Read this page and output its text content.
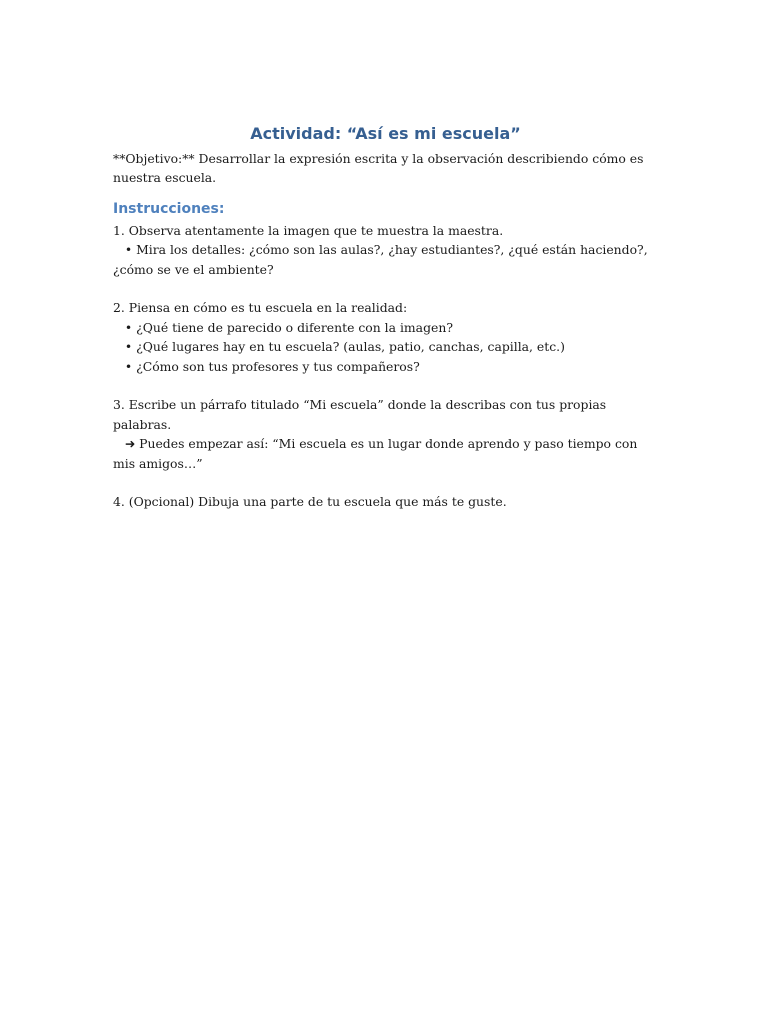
Actividad: “Así es mi escuela”

**Objetivo:** Desarrollar la expresión escrita y la observación describiendo cómo es nuestra escuela.

Instrucciones:

1. Observa atentamente la imagen que te muestra la maestra.

• Mira los detalles: ¿cómo son las aulas?, ¿hay estudiantes?, ¿qué están haciendo?, ¿cómo se ve el ambiente?

2. Piensa en cómo es tu escuela en la realidad:

• ¿Qué tiene de parecido o diferente con la imagen?

• ¿Qué lugares hay en tu escuela? (aulas, patio, canchas, capilla, etc.)

• ¿Cómo son tus profesores y tus compañeros?

3. Escribe un párrafo titulado “Mi escuela” donde la describas con tus propias palabras.

➜ Puedes empezar así: “Mi escuela es un lugar donde aprendo y paso tiempo con mis amigos…”

4. (Opcional) Dibuja una parte de tu escuela que más te guste.
